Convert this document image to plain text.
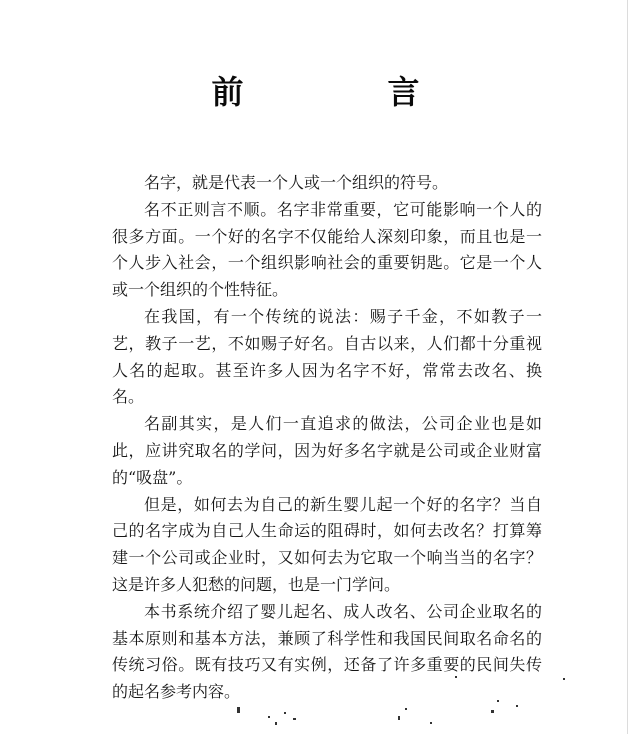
前　言

名字，就是代表一个人或一个组织的符号。

名不正则言不顺。名字非常重要，它可能影响一个人的很多方面。一个好的名字不仅能给人深刻印象，而且也是一个人步入社会，一个组织影响社会的重要钥匙。它是一个人或一个组织的个性特征。

在我国，有一个传统的说法：赐子千金，不如教子一艺，教子一艺，不如赐子好名。自古以来，人们都十分重视人名的起取。甚至许多人因为名字不好，常常去改名、换名。

名副其实，是人们一直追求的做法，公司企业也是如此，应讲究取名的学问，因为好多名字就是公司或企业财富的“吸盘”。

但是，如何去为自己的新生婴儿起一个好的名字？当自己的名字成为自己人生命运的阻碍时，如何去改名？打算筹建一个公司或企业时，又如何去为它取一个响当当的名字？这是许多人犯愁的问题，也是一门学问。

本书系统介绍了婴儿起名、成人改名、公司企业取名的基本原则和基本方法，兼顾了科学性和我国民间取名命名的传统习俗。既有技巧又有实例，还备了许多重要的民间失传的起名参考内容。
